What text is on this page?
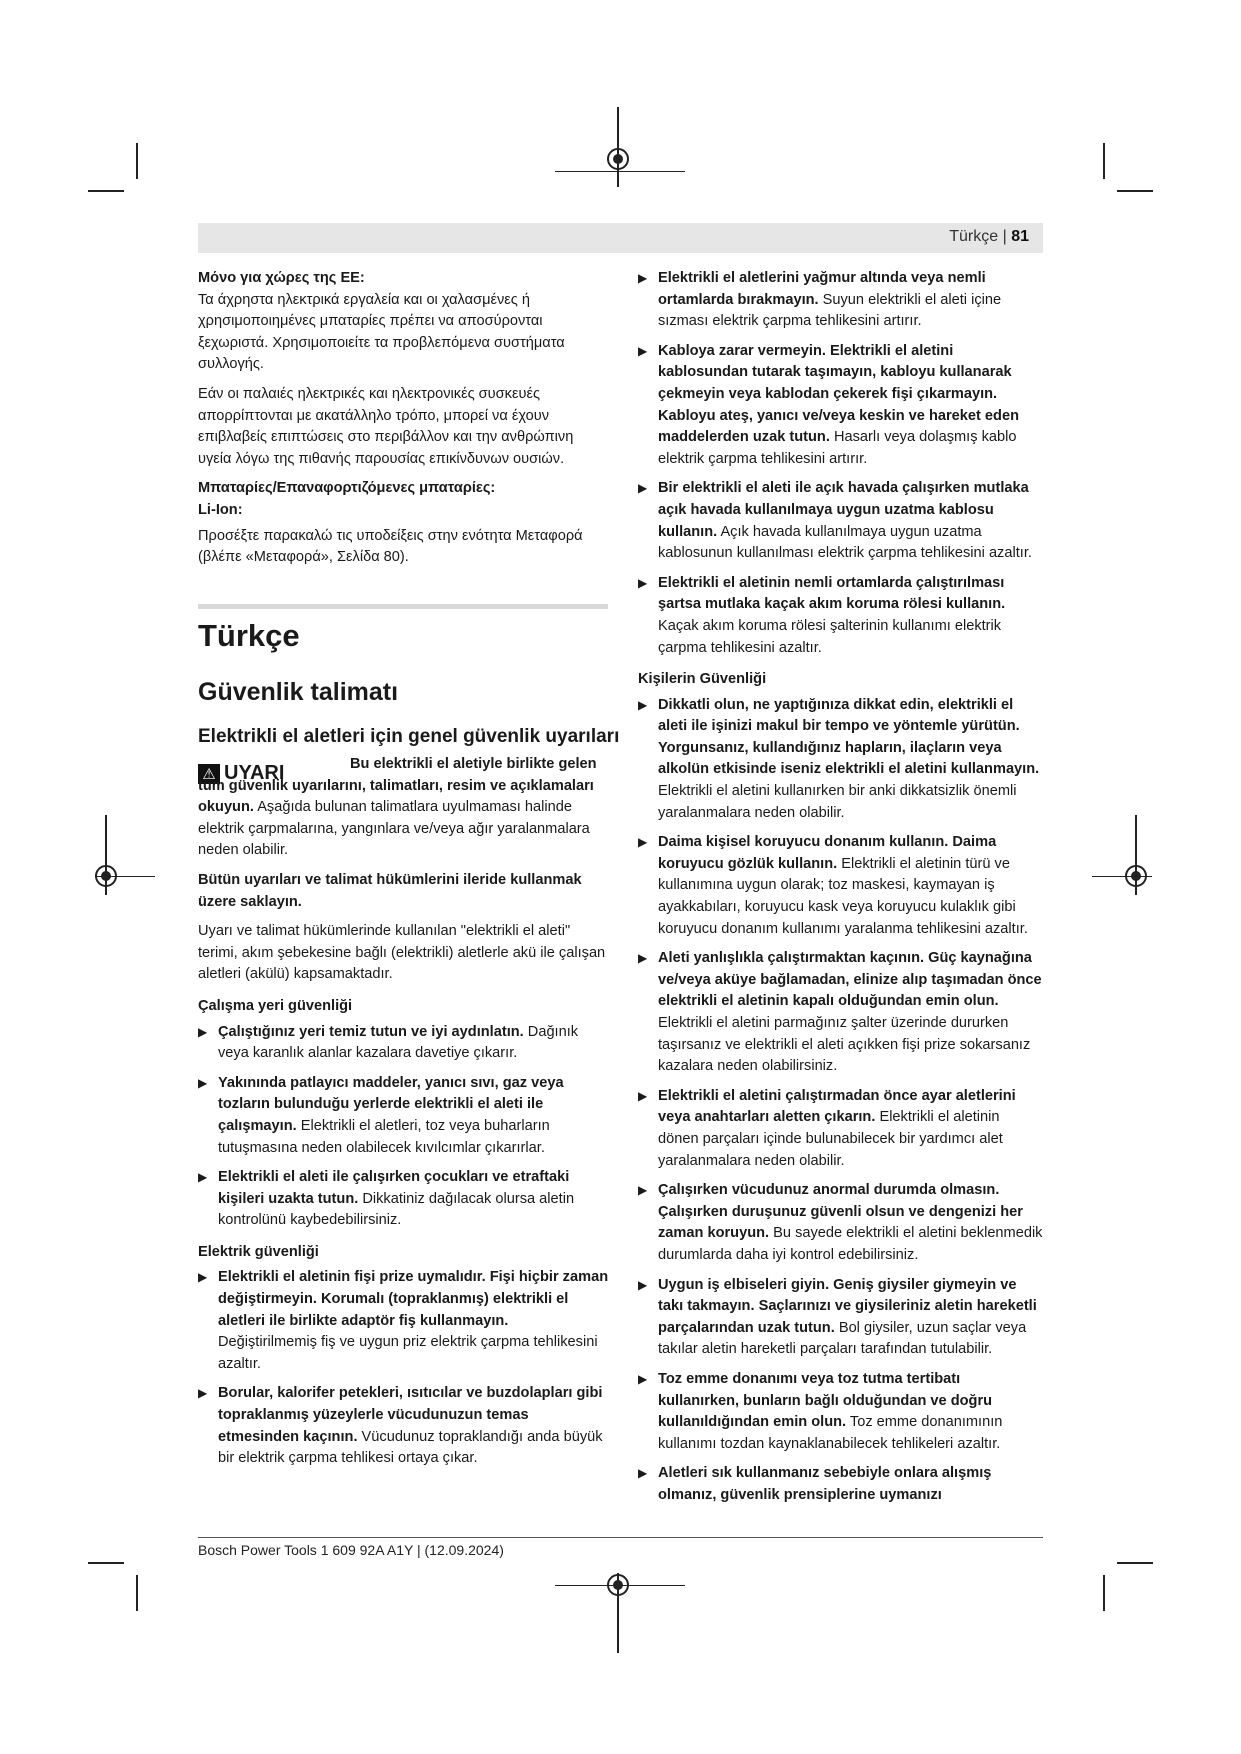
Türkçe | 81
Μόνο για χώρες της ΕΕ:

Τα άχρηστα ηλεκτρικά εργαλεία και οι χαλασμένες ή χρησιμοποιημένες μπαταρίες πρέπει να αποσύρονται ξεχωριστά. Χρησιμοποιείτε τα προβλεπόμενα συστήματα συλλογής.

Εάν οι παλαιές ηλεκτρικές και ηλεκτρονικές συσκευές απορρίπτονται με ακατάλληλο τρόπο, μπορεί να έχουν επιβλαβείς επιπτώσεις στο περιβάλλον και την ανθρώπινη υγεία λόγω της πιθανής παρουσίας επικίνδυνων ουσιών.

Μπαταρίες/Επαναφορτιζόμενες μπαταρίες:
Li-Ion:

Προσέξτε παρακαλώ τις υποδείξεις στην ενότητα Μεταφορά (βλέπε «Μεταφορά», Σελίδα 80).

Türkçe
Güvenlik talimatı
Elektrikli el aletleri için genel güvenlik uyarıları
⚠ UYARI	Bu elektrikli el aletiyle birlikte gelen tüm güvenlik uyarılarını, talimatları, resim ve açıklamaları okuyun. Aşağıda bulunan talimatlara uyulmaması halinde elektrik çarpmalarına, yangınlara ve/veya ağır yaralanmalara neden olabilir.

Bütün uyarıları ve talimat hükümlerini ileride kullanmak üzere saklayın.

Uyarı ve talimat hükümlerinde kullanılan "elektrikli el aleti" terimi, akım şebekesine bağlı (elektrikli) aletlerle akü ile çalışan aletleri (akülü) kapsamaktadır.

Çalışma yeri güvenliği
▶ Çalıştığınız yeri temiz tutun ve iyi aydınlatın. Dağınık veya karanlık alanlar kazalara davetiye çıkarır.
▶ Yakınında patlayıcı maddeler, yanıcı sıvı, gaz veya tozların bulunduğu yerlerde elektrikli el aleti ile çalışmayın. Elektrikli el aletleri, toz veya buharların tutuşmasına neden olabilecek kıvılcımlar çıkarırlar.
▶ Elektrikli el aleti ile çalışırken çocukları ve etraftaki kişileri uzakta tutun. Dikkatiniz dağılacak olursa aletin kontrolünü kaybedebilirsiniz.
Elektrik güvenliği
▶ Elektrikli el aletinin fişi prize uymalıdır. Fişi hiçbir zaman değiştirmeyin. Korumalı (topraklanmış) elektrikli el aletleri ile birlikte adaptör fiş kullanmayın. Değiştirilmemiş fiş ve uygun priz elektrik çarpma tehlikesini azaltır.
▶ Borular, kalorifer petekleri, ısıtıcılar ve buzdolapları gibi topraklanmış yüzeylerle vücudunuzun temas etmesinden kaçının. Vücudunuz topraklandığı anda büyük bir elektrik çarpma tehlikesi ortaya çıkar.
▶ Elektrikli el aletlerini yağmur altında veya nemli ortamlarda bırakmayın. Suyun elektrikli el aleti içine sızması elektrik çarpma tehlikesini artırır.
▶ Kabloya zarar vermeyin. Elektrikli el aletini kablosundan tutarak taşımayın, kabloyu kullanarak çekmeyin veya kablodan çekerek fişi çıkarmayın. Kabloyu ateş, yanıcı ve/veya keskin ve hareket eden maddelerden uzak tutun. Hasarlı veya dolaşmış kablo elektrik çarpma tehlikesini artırır.
▶ Bir elektrikli el aleti ile açık havada çalışırken mutlaka açık havada kullanılmaya uygun uzatma kablosu kullanın. Açık havada kullanılmaya uygun uzatma kablosunun kullanılması elektrik çarpma tehlikesini azaltır.
▶ Elektrikli el aletinin nemli ortamlarda çalıştırılması şartsa mutlaka kaçak akım koruma rölesi kullanın. Kaçak akım koruma rölesi şalterinin kullanımı elektrik çarpma tehlikesini azaltır.
Kişilerin Güvenliği
▶ Dikkatli olun, ne yaptığınıza dikkat edin, elektrikli el aleti ile işinizi makul bir tempo ve yöntemle yürütün. Yorgunsanız, kullandığınız hapların, ilaçların veya alkolün etkisinde iseniz elektrikli el aletini kullanmayın. Elektrikli el aletini kullanırken bir anki dikkatsizlik önemli yaralanmalara neden olabilir.
▶ Daima kişisel koruyucu donanım kullanın. Daima koruyucu gözlük kullanın. Elektrikli el aletinin türü ve kullanımına uygun olarak; toz maskesi, kaymayan iş ayakkabıları, koruyucu kask veya koruyucu kulaklık gibi koruyucu donanım kullanımı yaralanma tehlikesini azaltır.
▶ Aleti yanlışlıkla çalıştırmaktan kaçının. Güç kaynağına ve/veya aküye bağlamadan, elinize alıp taşımadan önce elektrikli el aletinin kapalı olduğundan emin olun. Elektrikli el aletini parmağınız şalter üzerinde dururken taşırsanız ve elektrikli el aleti açıkken fişi prize sokarsanız kazalara neden olabilirsiniz.
▶ Elektrikli el aletini çalıştırmadan önce ayar aletlerini veya anahtarları aletten çıkarın. Elektrikli el aletinin dönen parçaları içinde bulunabilecek bir yardımcı alet yaralanmalara neden olabilir.
▶ Çalışırken vücudunuz anormal durumda olmasın. Çalışırken duruşunuz güvenli olsun ve dengenizi her zaman koruyun. Bu sayede elektrikli el aletini beklenmedik durumlarda daha iyi kontrol edebilirsiniz.
▶ Uygun iş elbiseleri giyin. Geniş giysiler giymeyin ve takı takmayın. Saçlarınızı ve giysileriniz aletin hareketli parçalarından uzak tutun. Bol giysiler, uzun saçlar veya takılar aletin hareketli parçaları tarafından tutulabilir.
▶ Toz emme donanımı veya toz tutma tertibatı kullanırken, bunların bağlı olduğundan ve doğru kullanıldığından emin olun. Toz emme donanımının kullanımı tozdan kaynaklanabilecek tehlikeleri azaltır.
▶ Aletleri sık kullanmanız sebebiyle onlara alışmış olmanız, güvenlik prensiplerine uymanızı
Bosch Power Tools 1 609 92A A1Y | (12.09.2024)
